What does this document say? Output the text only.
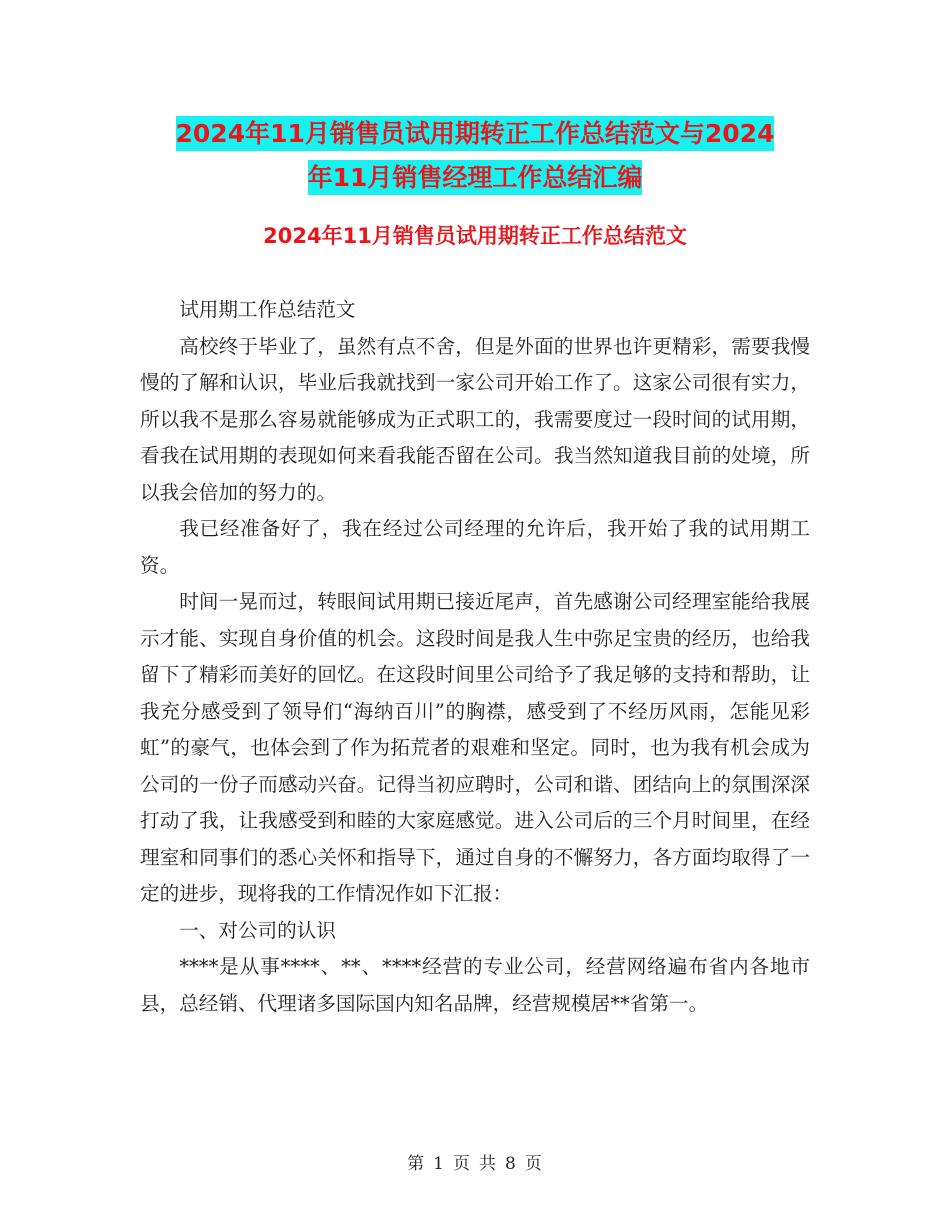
2024年11月销售员试用期转正工作总结范文与2024
年11月销售经理工作总结汇编
2024年11月销售员试用期转正工作总结范文

试用期工作总结范文

高校终于毕业了，虽然有点不舍，但是外面的世界也许更精彩，需要我慢慢的了解和认识，毕业后我就找到一家公司开始工作了。这家公司很有实力，所以我不是那么容易就能够成为正式职工的，我需要度过一段时间的试用期，看我在试用期的表现如何来看我能否留在公司。我当然知道我目前的处境，所以我会倍加的努力的。

我已经准备好了，我在经过公司经理的允许后，我开始了我的试用期工资。

时间一晃而过，转眼间试用期已接近尾声，首先感谢公司经理室能给我展示才能、实现自身价值的机会。这段时间是我人生中弥足宝贵的经历，也给我留下了精彩而美好的回忆。在这段时间里公司给予了我足够的支持和帮助，让我充分感受到了领导们“海纳百川”的胸襟，感受到了不经历风雨，怎能见彩虹”的豪气，也体会到了作为拓荒者的艰难和坚定。同时，也为我有机会成为公司的一份子而感动兴奋。记得当初应聘时，公司和谐、团结向上的氛围深深打动了我，让我感受到和睦的大家庭感觉。进入公司后的三个月时间里，在经理室和同事们的悉心关怀和指导下，通过自身的不懈努力，各方面均取得了一定的进步，现将我的工作情况作如下汇报：

一、对公司的认识

****是从事****、**、****经营的专业公司，经营网络遍布省内各地市县，总经销、代理诸多国际国内知名品牌，经营规模居**省第一。

第 1 页 共 8 页
